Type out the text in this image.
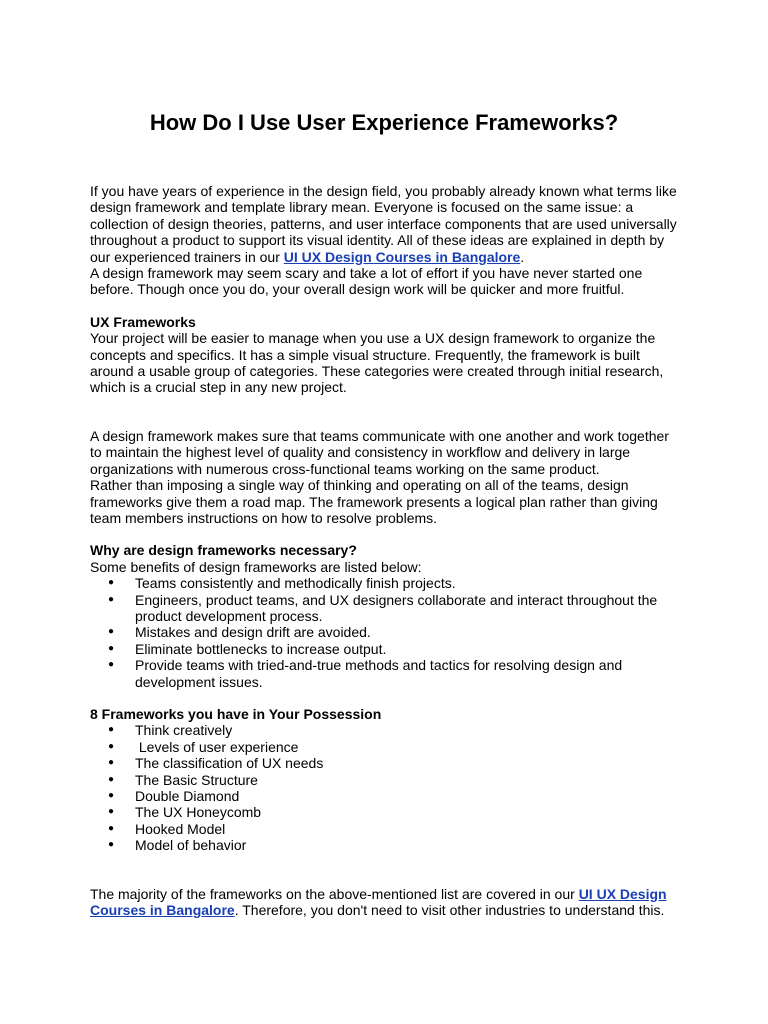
How Do I Use User Experience Frameworks?

If you have years of experience in the design field, you probably already known what terms like design framework and template library mean. Everyone is focused on the same issue: a collection of design theories, patterns, and user interface components that are used universally throughout a product to support its visual identity. All of these ideas are explained in depth by our experienced trainers in our UI UX Design Courses in Bangalore.

A design framework may seem scary and take a lot of effort if you have never started one before. Though once you do, your overall design work will be quicker and more fruitful.

UX Frameworks

Your project will be easier to manage when you use a UX design framework to organize the concepts and specifics. It has a simple visual structure. Frequently, the framework is built around a usable group of categories. These categories were created through initial research, which is a crucial step in any new project.

A design framework makes sure that teams communicate with one another and work together to maintain the highest level of quality and consistency in workflow and delivery in large organizations with numerous cross-functional teams working on the same product.

Rather than imposing a single way of thinking and operating on all of the teams, design frameworks give them a road map. The framework presents a logical plan rather than giving team members instructions on how to resolve problems.

Why are design frameworks necessary?

Some benefits of design frameworks are listed below:

● Teams consistently and methodically finish projects.
● Engineers, product teams, and UX designers collaborate and interact throughout the product development process.
● Mistakes and design drift are avoided.
● Eliminate bottlenecks to increase output.
● Provide teams with tried-and-true methods and tactics for resolving design and development issues.

8 Frameworks you have in Your Possession

● Think creatively
● Levels of user experience
● The classification of UX needs
● The Basic Structure
● Double Diamond
● The UX Honeycomb
● Hooked Model
● Model of behavior

The majority of the frameworks on the above-mentioned list are covered in our UI UX Design Courses in Bangalore. Therefore, you don't need to visit other industries to understand this.
